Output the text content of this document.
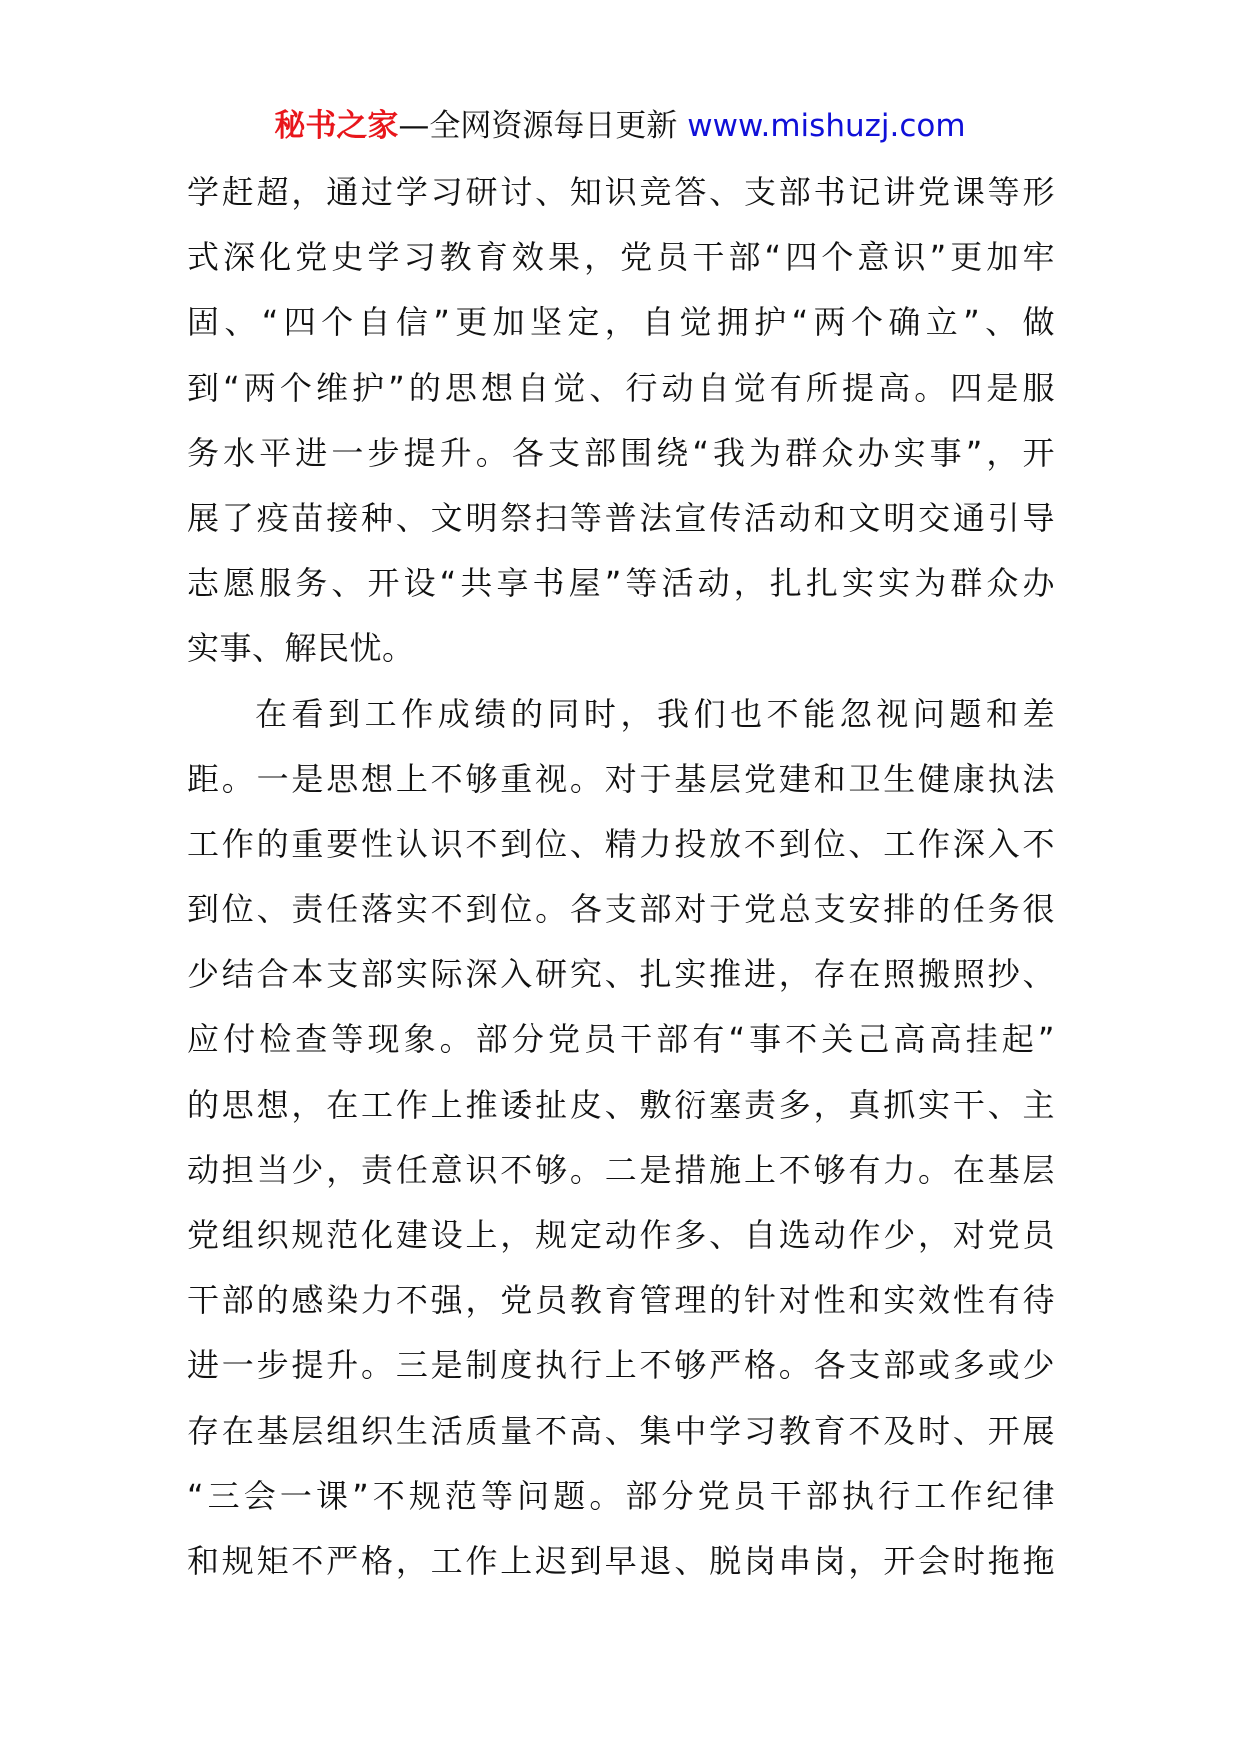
秘书之家—全网资源每日更新 www.mishuzj.com
学赶超，通过学习研讨、知识竞答、支部书记讲党课等形
式深化党史学习教育效果，党员干部“四个意识”更加牢
固、“四个自信”更加坚定，自觉拥护“两个确立”、做
到“两个维护”的思想自觉、行动自觉有所提高。四是服
务水平进一步提升。各支部围绕“我为群众办实事”，开
展了疫苗接种、文明祭扫等普法宣传活动和文明交通引导
志愿服务、开设“共享书屋”等活动，扎扎实实为群众办
实事、解民忧。
在看到工作成绩的同时，我们也不能忽视问题和差
距。一是思想上不够重视。对于基层党建和卫生健康执法
工作的重要性认识不到位、精力投放不到位、工作深入不
到位、责任落实不到位。各支部对于党总支安排的任务很
少结合本支部实际深入研究、扎实推进，存在照搬照抄、
应付检查等现象。部分党员干部有“事不关己高高挂起”
的思想，在工作上推诿扯皮、敷衍塞责多，真抓实干、主
动担当少，责任意识不够。二是措施上不够有力。在基层
党组织规范化建设上，规定动作多、自选动作少，对党员
干部的感染力不强，党员教育管理的针对性和实效性有待
进一步提升。三是制度执行上不够严格。各支部或多或少
存在基层组织生活质量不高、集中学习教育不及时、开展
“三会一课”不规范等问题。部分党员干部执行工作纪律
和规矩不严格，工作上迟到早退、脱岗串岗，开会时拖拖
